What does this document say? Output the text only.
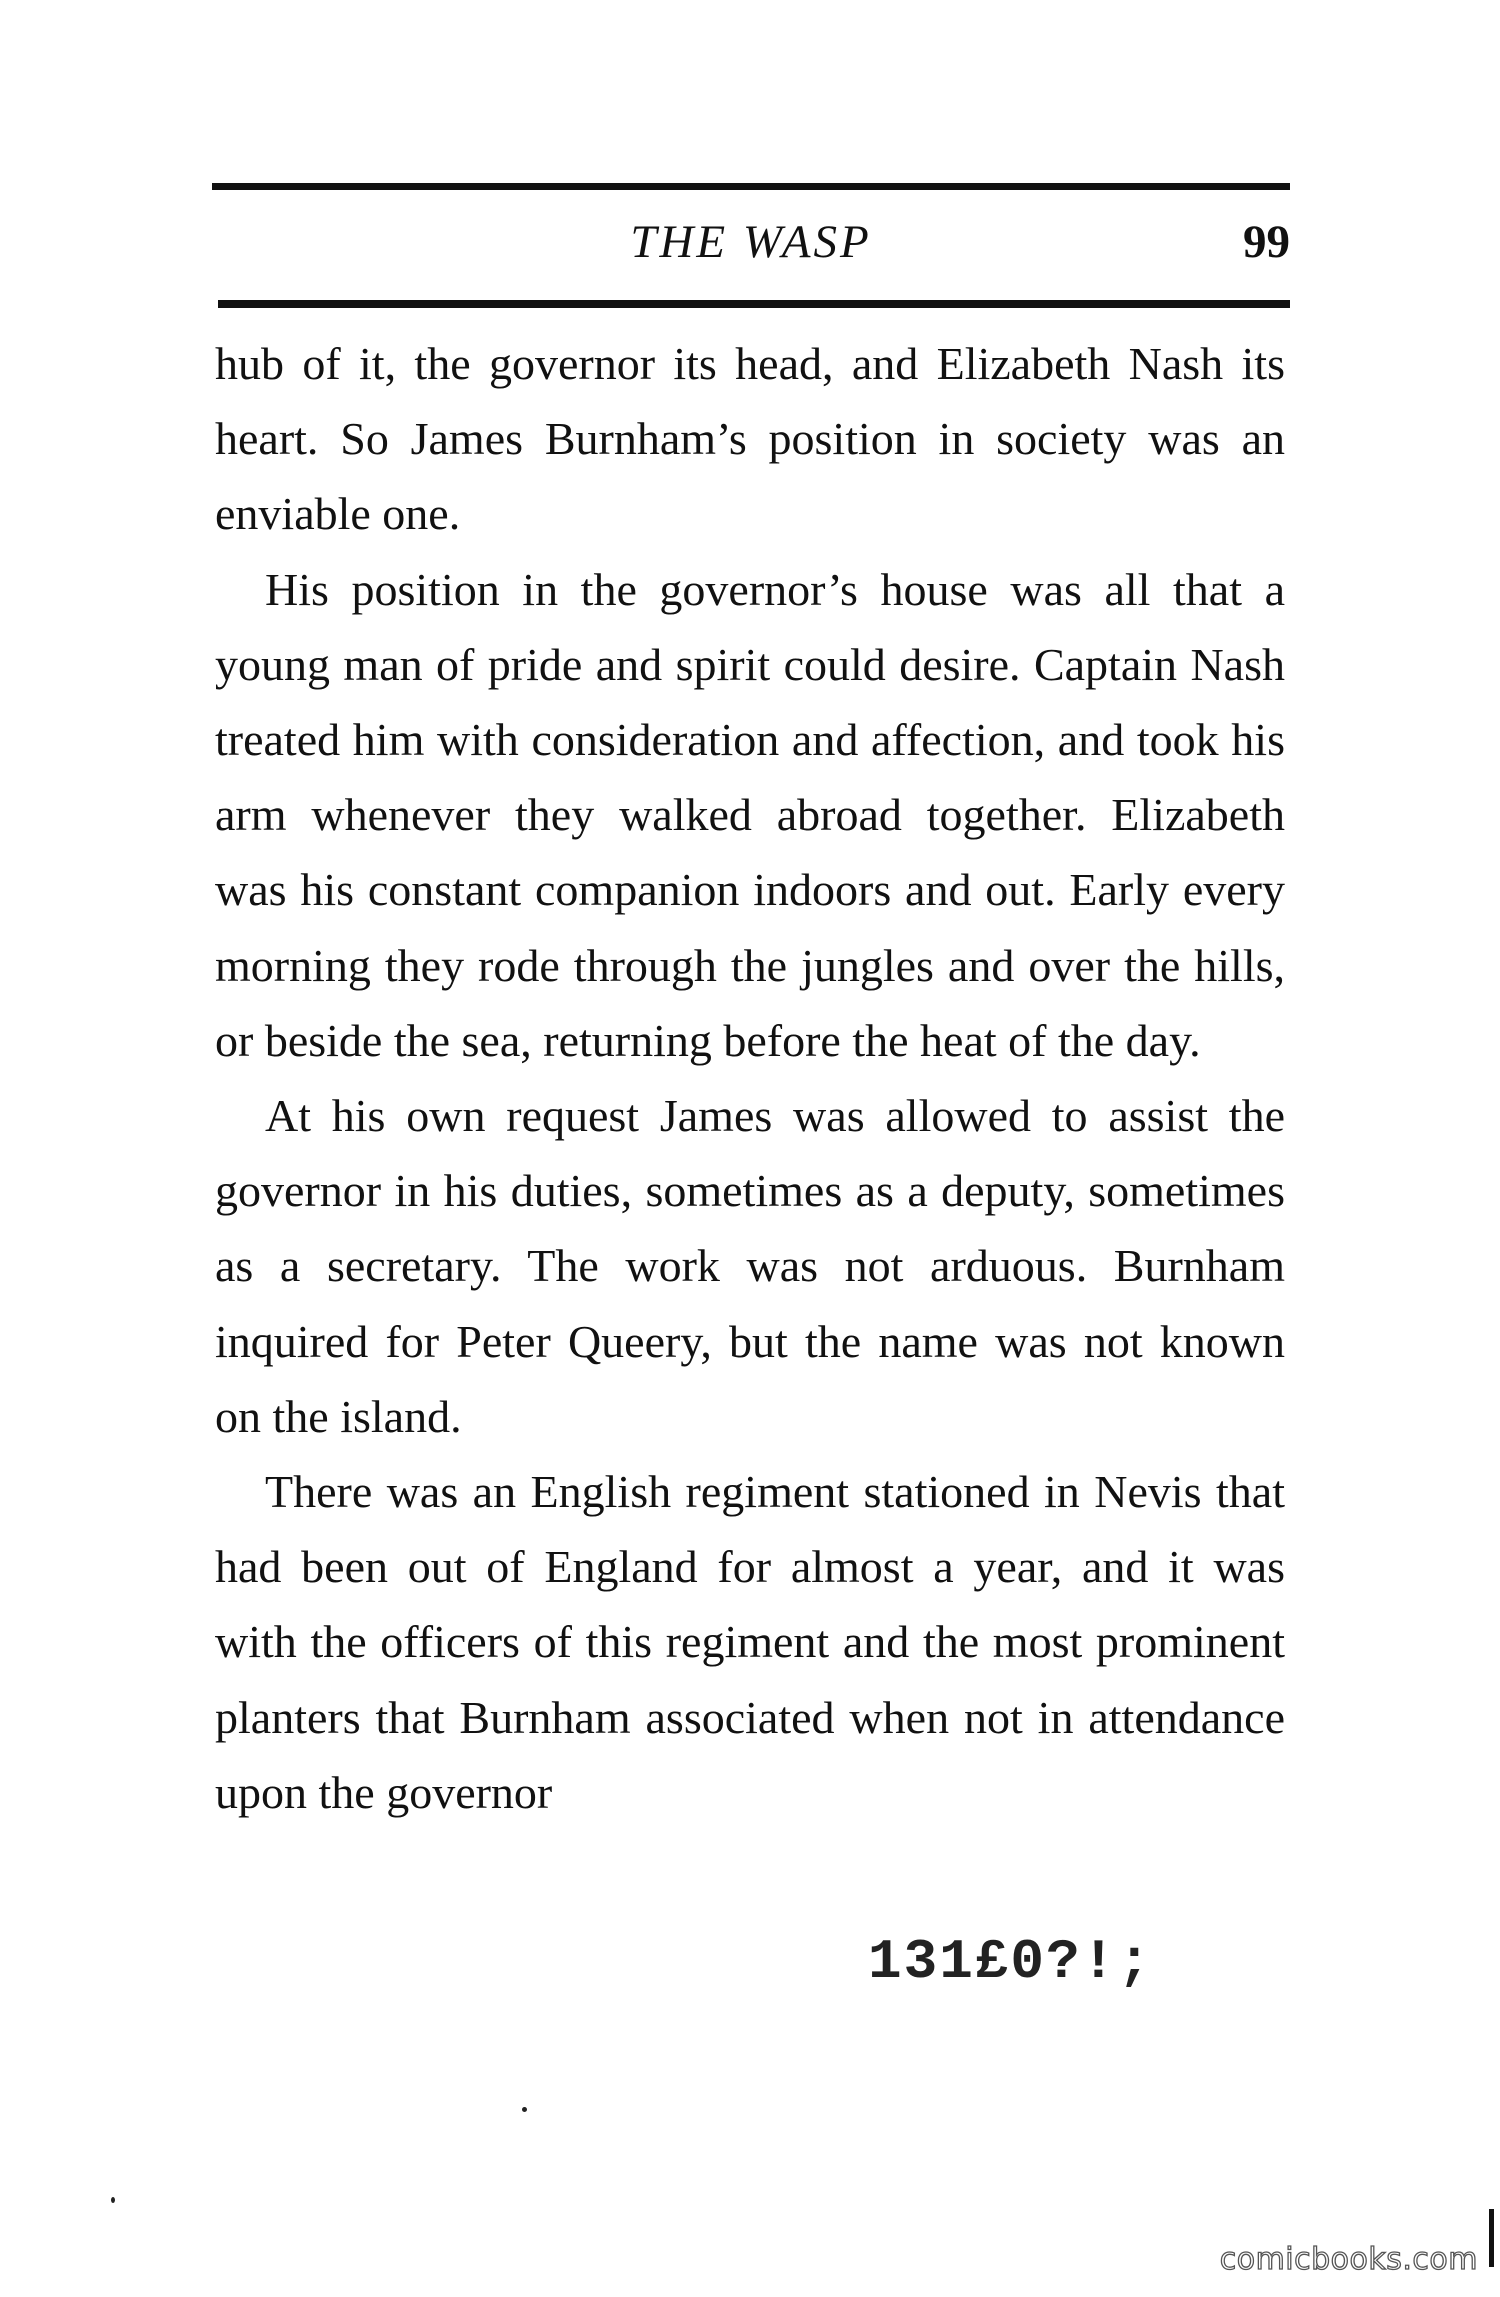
THE WASP	99

hub of it, the governor its head, and Elizabeth Nash its heart. So James Burnham’s position in society was an enviable one.

His position in the governor’s house was all that a young man of pride and spirit could desire. Captain Nash treated him with consideration and affection, and took his arm whenever they walked abroad together. Elizabeth was his constant companion indoors and out. Early every morning they rode through the jungles and over the hills, or beside the sea, returning before the heat of the day.

At his own request James was allowed to assist the governor in his duties, sometimes as a deputy, sometimes as a secretary. The work was not arduous. Burnham inquired for Peter Queery, but the name was not known on the island.

There was an English regiment stationed in Nevis that had been out of England for almost a year, and it was with the officers of this regiment and the most prominent planters that Burnham associated when not in attendance upon the governor

131£0?!;
comicbooks.com
